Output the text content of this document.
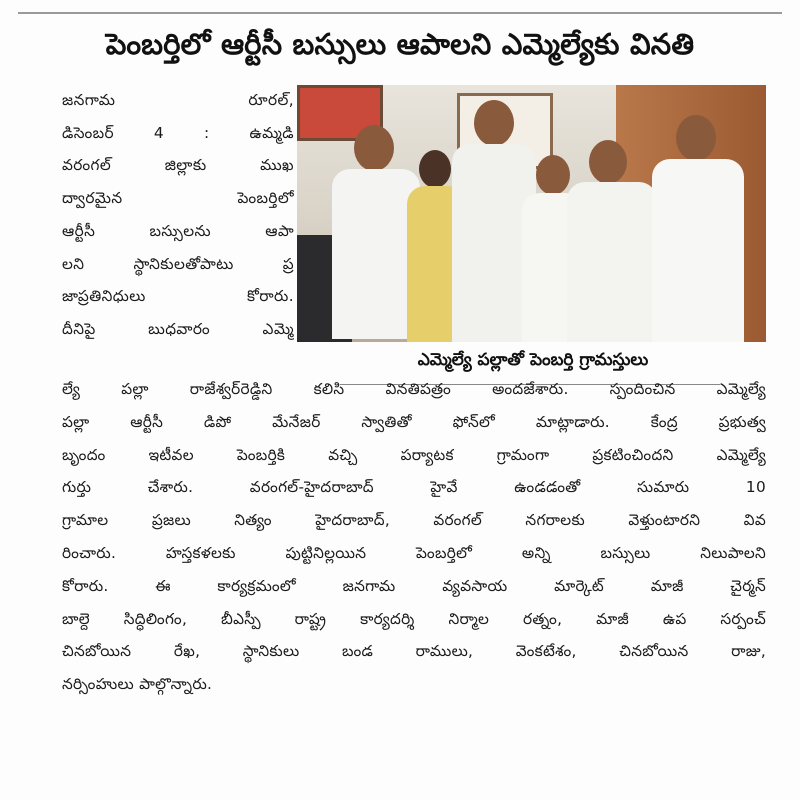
పెంబర్తిలో ఆర్టీసీ బస్సులు ఆపాలని ఎమ్మెల్యేకు వినతి
జనగామ రూరల్,
డిసెంబర్ 4 : ఉమ్మడి
వరంగల్ జిల్లాకు ముఖ
ద్వారమైన పెంబర్తిలో
ఆర్టీసీ బస్సులను ఆపా
లని స్థానికులతోపాటు ప్ర
జాప్రతినిధులు కోరారు.
దీనిపై బుధవారం ఎమ్మె
ఎమ్మెల్యే పల్లాతో పెంబర్తి గ్రామస్తులు
ల్యే పల్లా రాజేశ్వర్‌రెడ్డిని కలిసి వినతిపత్రం అందజేశారు. స్పందించిన ఎమ్మెల్యే
పల్లా ఆర్టీసీ డిపో మేనేజర్ స్వాతితో ఫోన్‌లో మాట్లాడారు. కేంద్ర ప్రభుత్వ
బృందం ఇటీవల పెంబర్తికి వచ్చి పర్యాటక గ్రామంగా ప్రకటించిందని ఎమ్మెల్యే
గుర్తు చేశారు. వరంగల్-హైదరాబాద్ హైవే ఉండడంతో సుమారు 10
గ్రామాల ప్రజలు నిత్యం హైదరాబాద్, వరంగల్ నగరాలకు వెళ్తుంటారని వివ
రించారు. హస్తకళలకు పుట్టినిల్లయిన పెంబర్తిలో అన్ని బస్సులు నిలుపాలని
కోరారు. ఈ కార్యక్రమంలో జనగామ వ్యవసాయ మార్కెట్ మాజీ చైర్మన్
బాల్దె సిద్ధిలింగం, బీఎస్పీ రాష్ట్ర కార్యదర్శి నిర్మాల రత్నం, మాజీ ఉప సర్పంచ్
చినబోయిన రేఖ, స్థానికులు బండ రాములు, వెంకటేశం, చినబోయిన రాజు,
నర్సింహులు పాల్గొన్నారు.
